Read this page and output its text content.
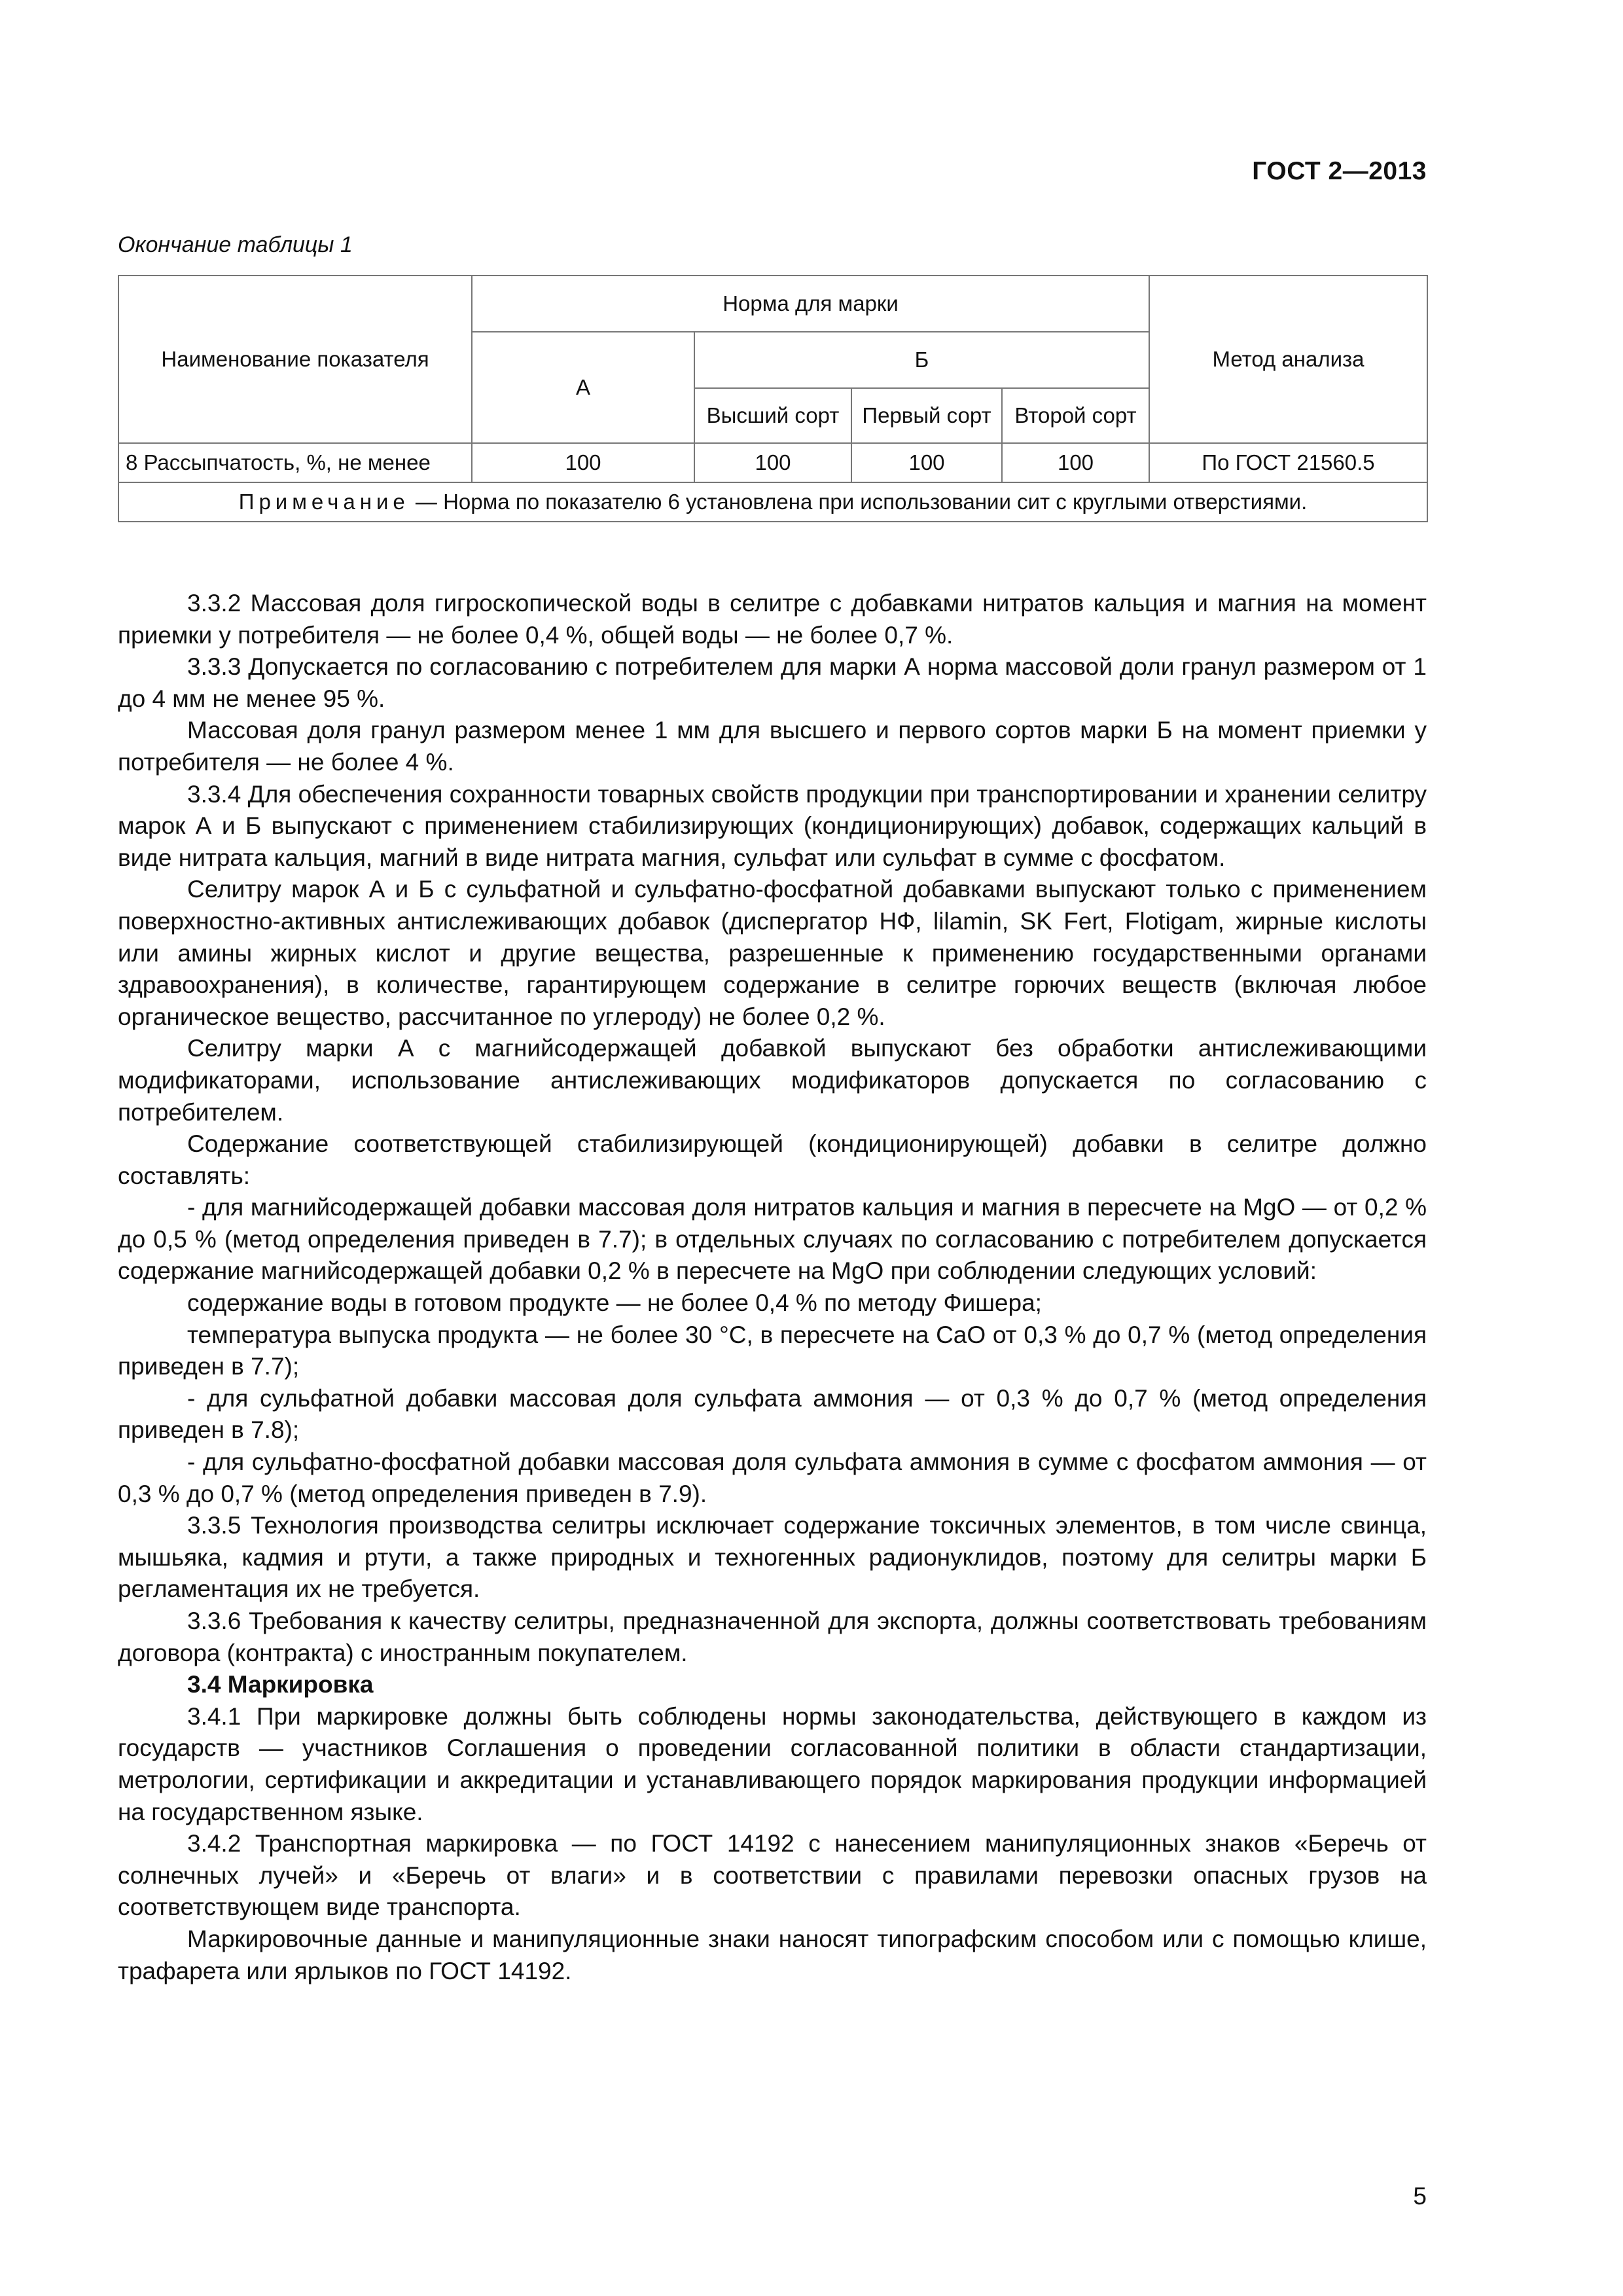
ГОСТ 2—2013
Окончание таблицы 1
Наименование показателя	Норма для марки				Метод анализа
	А	Б			
		Высший сорт	Первый сорт	Второй сорт	
8 Рассыпчатость, %, не менее	100	100	100	100	По ГОСТ 21560.5
Примечание — Норма по показателю 6 установлена при использовании сит с круглыми отверстиями.					

3.3.2 Массовая доля гигроскопической воды в селитре с добавками нитратов кальция и магния на момент приемки у потребителя — не более 0,4 %, общей воды — не более 0,7 %.

3.3.3 Допускается по согласованию с потребителем для марки А норма массовой доли гранул размером от 1 до 4 мм не менее 95 %.

Массовая доля гранул размером менее 1 мм для высшего и первого сортов марки Б на момент приемки у потребителя — не более 4 %.

3.3.4 Для обеспечения сохранности товарных свойств продукции при транспортировании и хранении селитру марок А и Б выпускают с применением стабилизирующих (кондиционирующих) добавок, содержащих кальций в виде нитрата кальция, магний в виде нитрата магния, сульфат или сульфат в сумме с фосфатом.

Селитру марок А и Б с сульфатной и сульфатно-фосфатной добавками выпускают только с применением поверхностно-активных антислеживающих добавок (диспергатор НФ, lilamin, SK Fert, Flotigam, жирные кислоты или амины жирных кислот и другие вещества, разрешенные к применению государственными органами здравоохранения), в количестве, гарантирующем содержание в селитре горючих веществ (включая любое органическое вещество, рассчитанное по углероду) не более 0,2 %.

Селитру марки А с магнийсодержащей добавкой выпускают без обработки антислеживающими модификаторами, использование антислеживающих модификаторов допускается по согласованию с потребителем.

Содержание соответствующей стабилизирующей (кондиционирующей) добавки в селитре должно составлять:

- для магнийсодержащей добавки массовая доля нитратов кальция и магния в пересчете на MgO — от 0,2 % до 0,5 % (метод определения приведен в 7.7); в отдельных случаях по согласованию с потребителем допускается содержание магнийсодержащей добавки 0,2 % в пересчете на MgO при соблюдении следующих условий:

содержание воды в готовом продукте — не более 0,4 % по методу Фишера;

температура выпуска продукта — не более 30 °С, в пересчете на CaO от 0,3 % до 0,7 % (метод определения приведен в 7.7);

- для сульфатной добавки массовая доля сульфата аммония — от 0,3 % до 0,7 % (метод определения приведен в 7.8);

- для сульфатно-фосфатной добавки массовая доля сульфата аммония в сумме с фосфатом аммония — от 0,3 % до 0,7 % (метод определения приведен в 7.9).

3.3.5 Технология производства селитры исключает содержание токсичных элементов, в том числе свинца, мышьяка, кадмия и ртути, а также природных и техногенных радионуклидов, поэтому для селитры марки Б регламентация их не требуется.

3.3.6 Требования к качеству селитры, предназначенной для экспорта, должны соответствовать требованиям договора (контракта) с иностранным покупателем.

3.4 Маркировка

3.4.1 При маркировке должны быть соблюдены нормы законодательства, действующего в каждом из государств — участников Соглашения о проведении согласованной политики в области стандартизации, метрологии, сертификации и аккредитации и устанавливающего порядок маркирования продукции информацией на государственном языке.

3.4.2 Транспортная маркировка — по ГОСТ 14192 с нанесением манипуляционных знаков «Беречь от солнечных лучей» и «Беречь от влаги» и в соответствии с правилами перевозки опасных грузов на соответствующем виде транспорта.

Маркировочные данные и манипуляционные знаки наносят типографским способом или с помощью клише, трафарета или ярлыков по ГОСТ 14192.

5
